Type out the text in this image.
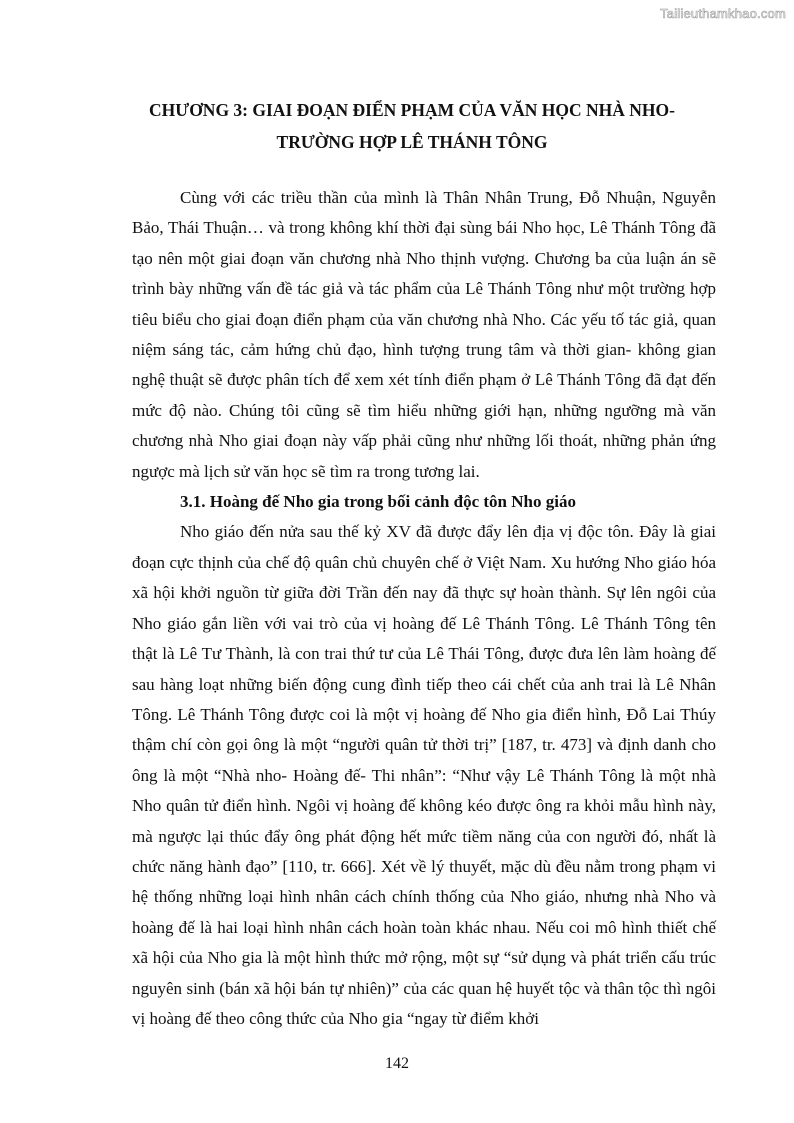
Tailieuthamkhao.com
CHƯƠNG 3: GIAI ĐOẠN ĐIỂN PHẠM CỦA VĂN HỌC NHÀ NHO-
TRƯỜNG HỢP LÊ THÁNH TÔNG

Cùng với các triều thần của mình là Thân Nhân Trung, Đỗ Nhuận, Nguyễn Bảo, Thái Thuận… và trong không khí thời đại sùng bái Nho học, Lê Thánh Tông đã tạo nên một giai đoạn văn chương nhà Nho thịnh vượng. Chương ba của luận án sẽ trình bày những vấn đề tác giả và tác phẩm của Lê Thánh Tông như một trường hợp tiêu biểu cho giai đoạn điển phạm của văn chương nhà Nho. Các yếu tố tác giả, quan niệm sáng tác, cảm hứng chủ đạo, hình tượng trung tâm và thời gian- không gian nghệ thuật sẽ được phân tích để xem xét tính điển phạm ở Lê Thánh Tông đã đạt đến mức độ nào. Chúng tôi cũng sẽ tìm hiểu những giới hạn, những ngưỡng mà văn chương nhà Nho giai đoạn này vấp phải cũng như những lối thoát, những phản ứng ngược mà lịch sử văn học sẽ tìm ra trong tương lai.

3.1. Hoàng đế Nho gia trong bối cảnh độc tôn Nho giáo

Nho giáo đến nửa sau thế kỷ XV đã được đẩy lên địa vị độc tôn. Đây là giai đoạn cực thịnh của chế độ quân chủ chuyên chế ở Việt Nam. Xu hướng Nho giáo hóa xã hội khởi nguồn từ giữa đời Trần đến nay đã thực sự hoàn thành. Sự lên ngôi của Nho giáo gắn liền với vai trò của vị hoàng đế Lê Thánh Tông. Lê Thánh Tông tên thật là Lê Tư Thành, là con trai thứ tư của Lê Thái Tông, được đưa lên làm hoàng đế sau hàng loạt những biến động cung đình tiếp theo cái chết của anh trai là Lê Nhân Tông. Lê Thánh Tông được coi là một vị hoàng đế Nho gia điển hình, Đỗ Lai Thúy thậm chí còn gọi ông là một “người quân tử thời trị” [187, tr. 473] và định danh cho ông là một “Nhà nho- Hoàng đế- Thi nhân”: “Như vậy Lê Thánh Tông là một nhà Nho quân tử điển hình. Ngôi vị hoàng đế không kéo được ông ra khỏi mẫu hình này, mà ngược lại thúc đẩy ông phát động hết mức tiềm năng của con người đó, nhất là chức năng hành đạo” [110, tr. 666]. Xét về lý thuyết, mặc dù đều nằm trong phạm vi hệ thống những loại hình nhân cách chính thống của Nho giáo, nhưng nhà Nho và hoàng đế là hai loại hình nhân cách hoàn toàn khác nhau. Nếu coi mô hình thiết chế xã hội của Nho gia là một hình thức mở rộng, một sự “sử dụng và phát triển cấu trúc nguyên sinh (bán xã hội bán tự nhiên)” của các quan hệ huyết tộc và thân tộc thì ngôi vị hoàng đế theo công thức của Nho gia “ngay từ điểm khởi

142
